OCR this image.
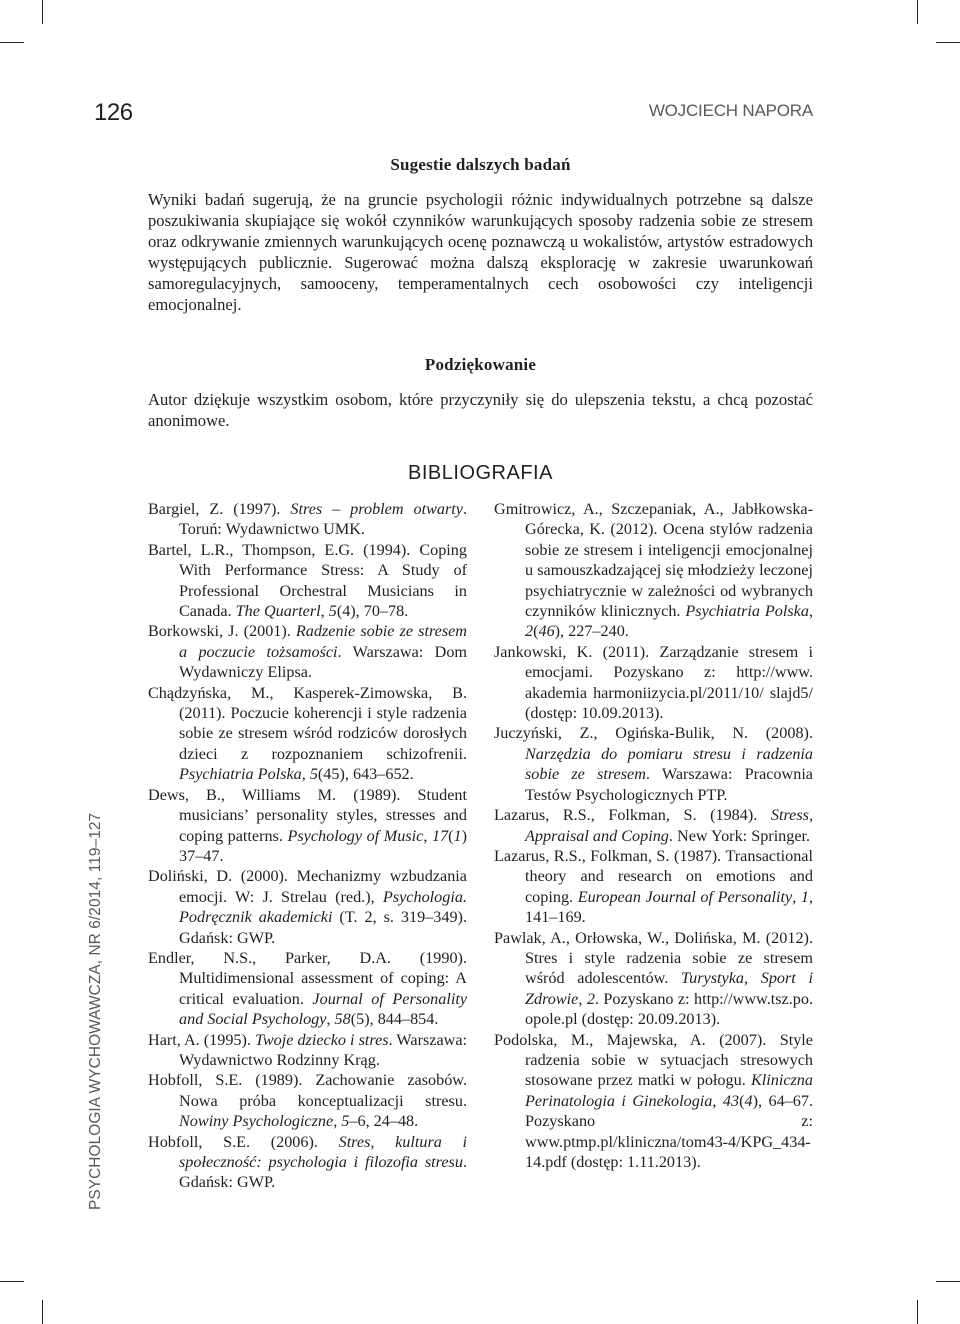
126	WOJCIECH NAPORA
PSYCHOLOGIA WYCHOWAWCZA, NR 6/2014, 119–127
Sugestie dalszych badań

Wyniki badań sugerują, że na gruncie psychologii różnic indywidualnych potrzebne są dalsze poszukiwania skupiające się wokół czynników warunkujących sposoby radzenia sobie ze stresem oraz odkrywanie zmiennych warunkujących ocenę poznawczą u wokalistów, artystów estradowych występujących publicznie. Sugerować można dalszą eksplorację w zakresie uwarunkowań samoregulacyjnych, samooceny, temperamentalnych cech osobowości czy inteligencji emocjonalnej.

Podziękowanie

Autor dziękuje wszystkim osobom, które przyczyniły się do ulepszenia tekstu, a chcą pozostać anonimowe.

BIBLIOGRAFIA

Bargiel, Z. (1997). Stres – problem otwarty. Toruń: Wydawnictwo UMK.

Bartel, L.R., Thompson, E.G. (1994). Coping With Performance Stress: A Study of Professional Orchestral Musicians in Canada. The Quarterl, 5(4), 70–78.

Borkowski, J. (2001). Radzenie sobie ze stresem a poczucie tożsamości. Warszawa: Dom Wydawniczy Elipsa.

Chądzyńska, M., Kasperek-Zimowska, B. (2011). Poczucie koherencji i style radzenia sobie ze stresem wśród rodziców dorosłych dzieci z rozpoznaniem schizofrenii. Psychiatria Polska, 5(45), 643–652.

Dews, B., Williams M. (1989). Student musicians’ personality styles, stresses and coping patterns. Psychology of Music, 17(1) 37–47.

Doliński, D. (2000). Mechanizmy wzbudzania emocji. W: J. Strelau (red.), Psychologia. Podręcznik akademicki (T. 2, s. 319–349). Gdańsk: GWP.

Endler, N.S., Parker, D.A. (1990). Multidimensional assessment of coping: A critical evaluation. Journal of Personality and Social Psychology, 58(5), 844–854.

Hart, A. (1995). Twoje dziecko i stres. Warszawa: Wydawnictwo Rodzinny Krąg.

Hobfoll, S.E. (1989). Zachowanie zasobów. Nowa próba konceptualizacji stresu. Nowiny Psychologiczne, 5–6, 24–48.

Hobfoll, S.E. (2006). Stres, kultura i społeczność: psychologia i filozofia stresu. Gdańsk: GWP.

Gmitrowicz, A., Szczepaniak, A., Jabłkowska-Górecka, K. (2012). Ocena stylów radzenia sobie ze stresem i inteligencji emocjonalnej u samouszkadzającej się młodzieży leczonej psychiatrycznie w zależności od wybranych czynników klinicznych. Psychiatria Polska, 2(46), 227–240.

Jankowski, K. (2011). Zarządzanie stresem i emocjami. Pozyskano z: http://www. akademia harmoniizycia.pl/2011/10/ slajd5/ (dostęp: 10.09.2013).

Juczyński, Z., Ogińska-Bulik, N. (2008). Narzędzia do pomiaru stresu i radzenia sobie ze stresem. Warszawa: Pracownia Testów Psychologicznych PTP.

Lazarus, R.S., Folkman, S. (1984). Stress, Appraisal and Coping. New York: Springer.

Lazarus, R.S., Folkman, S. (1987). Transactional theory and research on emotions and coping. European Journal of Personality, 1, 141–169.

Pawlak, A., Orłowska, W., Dolińska, M. (2012). Stres i style radzenia sobie ze stresem wśród adolescentów. Turystyka, Sport i Zdrowie, 2. Pozyskano z: http://www.tsz.po. opole.pl (dostęp: 20.09.2013).

Podolska, M., Majewska, A. (2007). Style radzenia sobie w sytuacjach stresowych stosowane przez matki w połogu. Kliniczna Perinatologia i Ginekologia, 43(4), 64–67. Pozyskano z: www.ptmp.pl/kliniczna/tom43-4/KPG_434-14.pdf (dostęp: 1.11.2013).
